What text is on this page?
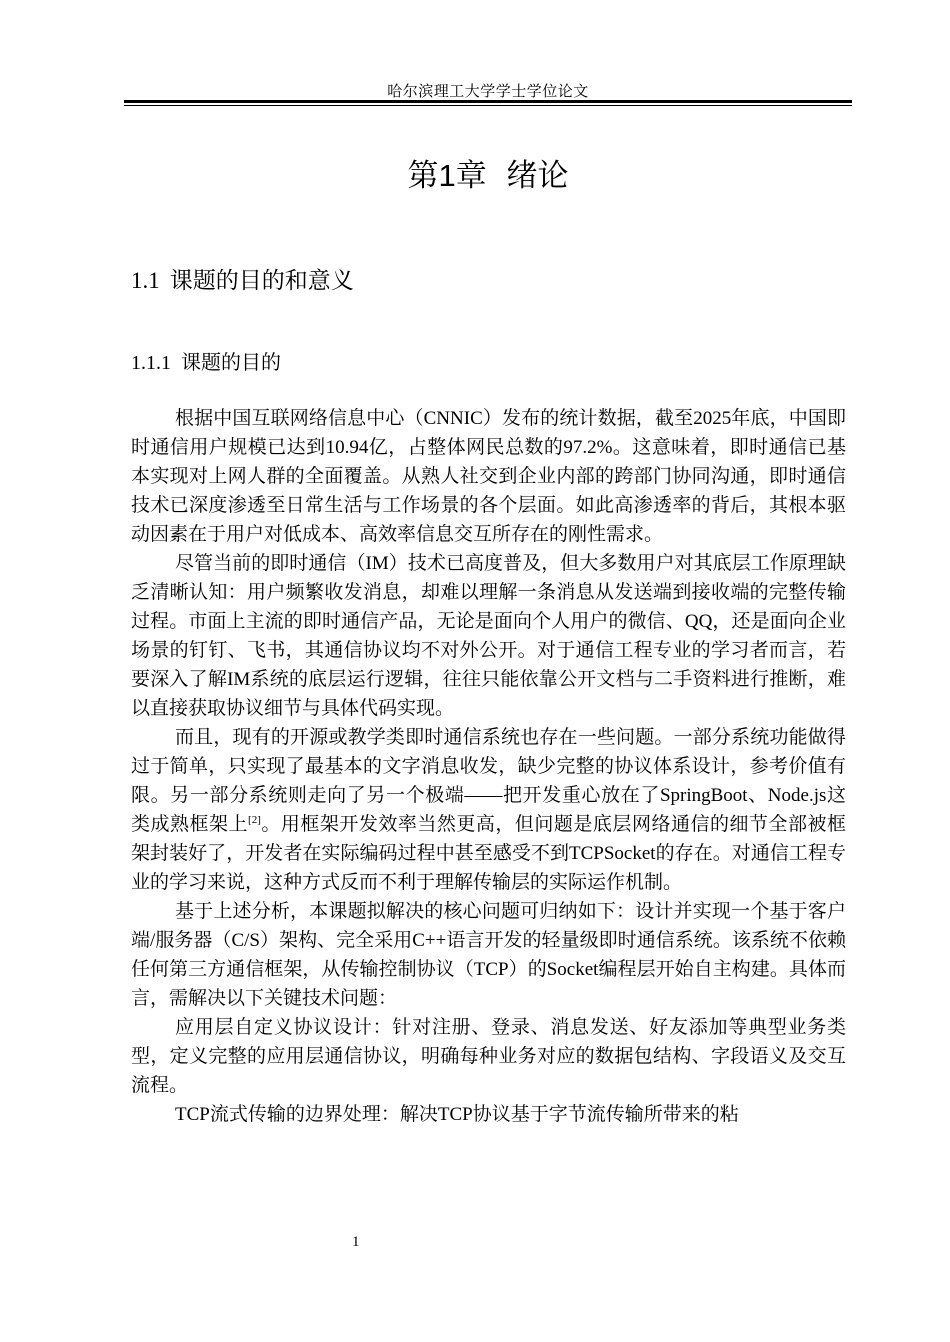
哈尔滨理工大学学士学位论文
第1章 绪论
1.1 课题的目的和意义
1.1.1 课题的目的

根据中国互联网络信息中心（CNNIC）发布的统计数据，截至2025年底，中国即时通信用户规模已达到10.94亿，占整体网民总数的97.2%。这意味着，即时通信已基本实现对上网人群的全面覆盖。从熟人社交到企业内部的跨部门协同沟通，即时通信技术已深度渗透至日常生活与工作场景的各个层面。如此高渗透率的背后，其根本驱动因素在于用户对低成本、高效率信息交互所存在的刚性需求。

尽管当前的即时通信（IM）技术已高度普及，但大多数用户对其底层工作原理缺乏清晰认知：用户频繁收发消息，却难以理解一条消息从发送端到接收端的完整传输过程。市面上主流的即时通信产品，无论是面向个人用户的微信、QQ，还是面向企业场景的钉钉、飞书，其通信协议均不对外公开。对于通信工程专业的学习者而言，若要深入了解IM系统的底层运行逻辑，往往只能依靠公开文档与二手资料进行推断，难以直接获取协议细节与具体代码实现。

而且，现有的开源或教学类即时通信系统也存在一些问题。一部分系统功能做得过于简单，只实现了最基本的文字消息收发，缺少完整的协议体系设计，参考价值有限。另一部分系统则走向了另一个极端——把开发重心放在了SpringBoot、Node.js这类成熟框架上[2]。用框架开发效率当然更高，但问题是底层网络通信的细节全部被框架封装好了，开发者在实际编码过程中甚至感受不到TCPSocket的存在。对通信工程专业的学习来说，这种方式反而不利于理解传输层的实际运作机制。

基于上述分析，本课题拟解决的核心问题可归纳如下：设计并实现一个基于客户端/服务器（C/S）架构、完全采用C++语言开发的轻量级即时通信系统。该系统不依赖任何第三方通信框架，从传输控制协议（TCP）的Socket编程层开始自主构建。具体而言，需解决以下关键技术问题：

应用层自定义协议设计：针对注册、登录、消息发送、好友添加等典型业务类型，定义完整的应用层通信协议，明确每种业务对应的数据包结构、字段语义及交互流程。

TCP流式传输的边界处理：解决TCP协议基于字节流传输所带来的粘

1
